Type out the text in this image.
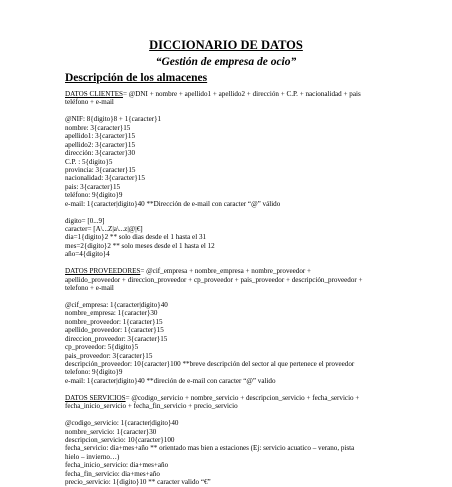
DICCIONARIO DE DATOS
“Gestión de empresa de ocio”
Descripción de los almacenes
DATOS CLIENTES= @DNI + nombre + apellido1 + apellido2 + dirección + C.P. + nacionalidad + pais
teléfono + e-mail
@NIF: 8{digito}8 + 1{caracter}1
nombre: 3{caracter}15
apellido1: 3{caracter}15
apellido2: 3{caracter}15
dirección: 3{caracter}30
C.P. : 5{digito}5
provincia: 3{caracter}15
nacionalidad: 3{caracter}15
pais: 3{caracter}15
teléfono: 9{digito}9
e-mail: 1{caracter|digito}40 **Dirección de e-mail con caracter “@” válido
digito= [0...9]
caracter= [A\...Z|a\...z|@|€]
dia=1{digito}2 ** solo dias desde el 1 hasta el 31
mes=2{digito}2 ** solo meses desde el 1 hasta el 12
año=4{digito}4
DATOS PROVEEDORES= @cif_empresa + nombre_empresa + nombre_proveedor +
apellido_proveedor + direccion_proveedor + cp_proveedor + pais_proveedor + descripción_proveedor +
telefono + e-mail
@cif_empresa: 1{caracter|digito}40
nombre_empresa: 1{caracter}30
nombre_proveedor: 1{caracter}15
apellido_proveedor: 1{caracter}15
direccion_proveedor: 3{caracter}15
cp_proveedor: 5{digito}5
pais_proveedor: 3{caracter}15
descripción_proveedor: 10{caracter}100 **breve descripción del sector al que pertenece el proveedor
telefono: 9{digito}9
e-mail: 1{caracter|digito}40 **direción de e-mail con caracter “@” valido
DATOS SERVICIOS= @codigo_servicio + nombre_servicio + descripcion_servicio + fecha_servicio +
fecha_inicio_servicio + fecha_fin_servicio + precio_servicio
@codigo_servicio: 1{caracter|digito}40
nombre_servicio: 1{caracter}30
descripcion_servicio: 10{caracter}100
fecha_servicio: dia+mes+año ** orientado mas bien a estaciones (Ej: servicio acuatico – verano, pista
hielo – invierno…)
fecha_inicio_servicio: dia+mes+año
fecha_fin_servicio: dia+mes+año
precio_servicio: 1{digito}10 ** caracter valido “€”
